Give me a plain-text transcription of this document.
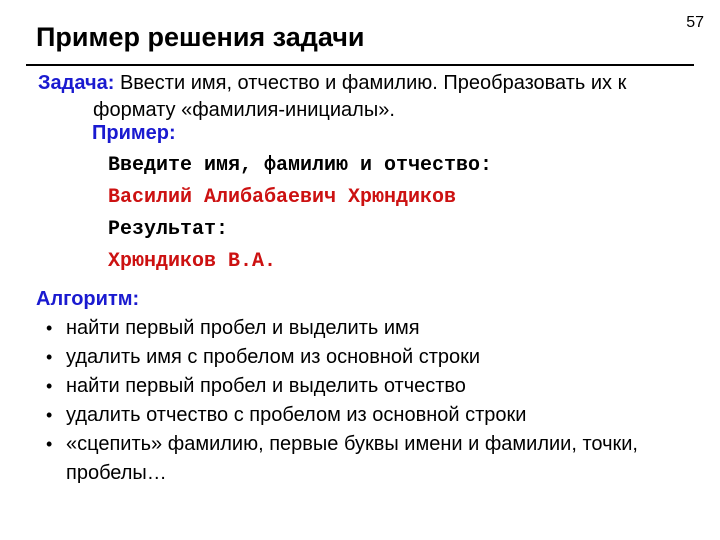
Пример решения задачи	57
Задача: Ввести имя, отчество и фамилию. Преобразовать их к
формату «фамилия-инициалы».
Пример:
Введите имя, фамилию и отчество:
Василий Алибабаевич Хрюндиков
Результат:
Хрюндиков В.А.
Алгоритм:
• найти первый пробел и выделить имя
• удалить имя с пробелом из основной строки
• найти первый пробел и выделить отчество
• удалить отчество с пробелом из основной строки
• «сцепить» фамилию, первые буквы имени и фамилии, точки, пробелы…
